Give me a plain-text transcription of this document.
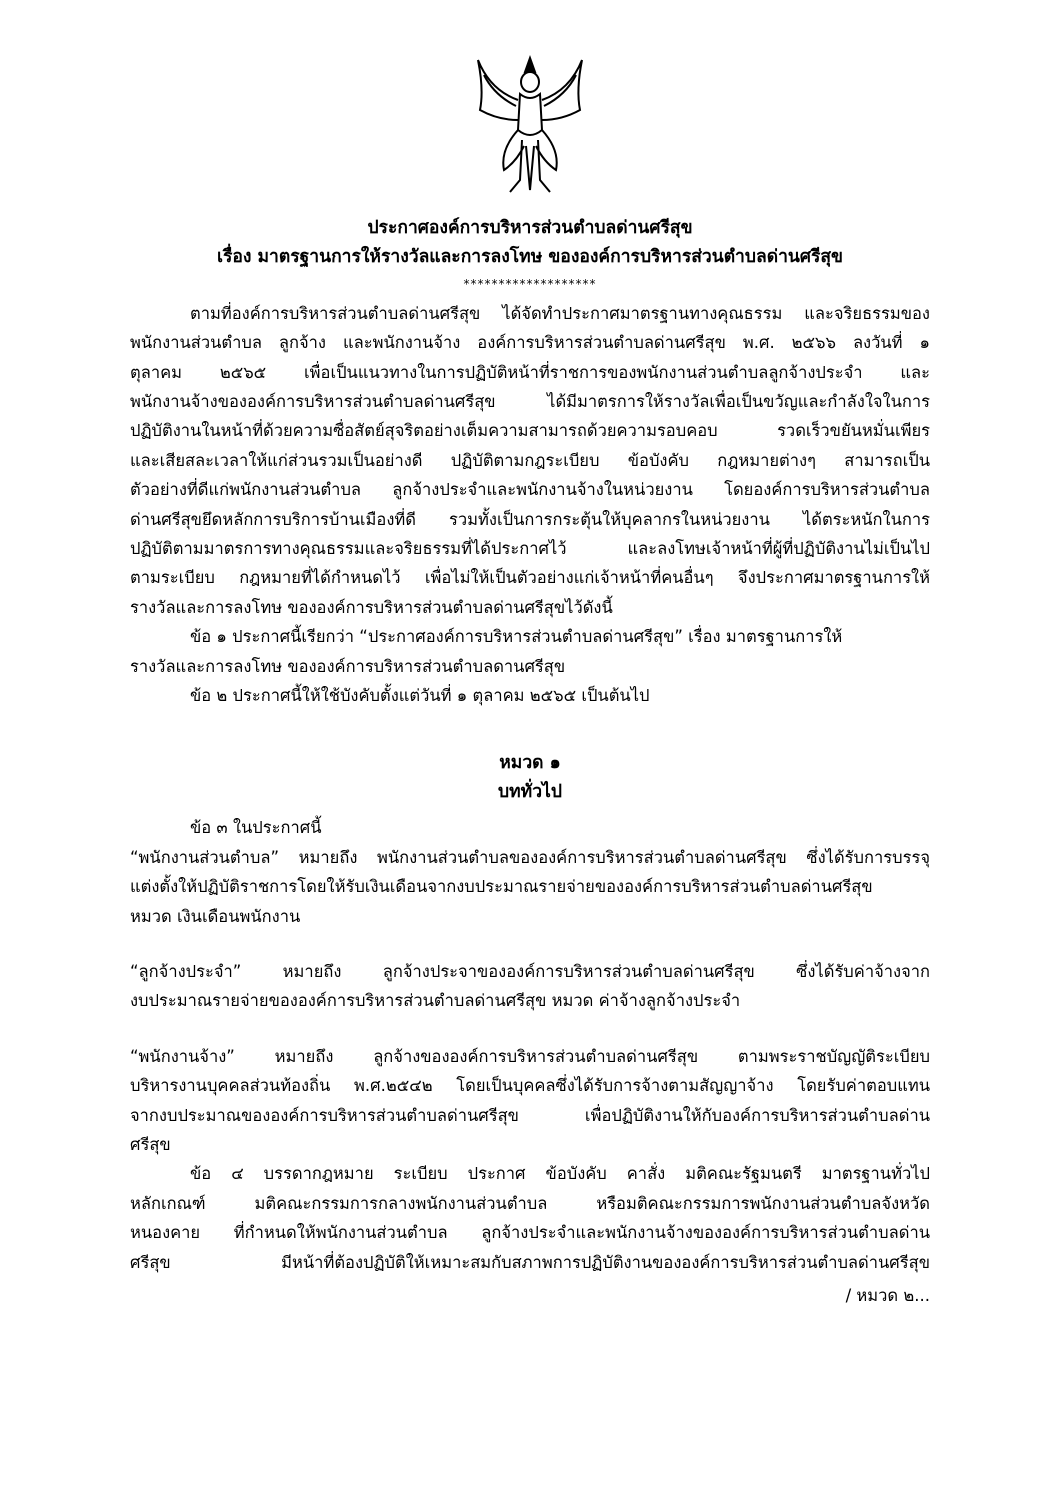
ประกาศองค์การบริหารส่วนตำบลด่านศรีสุข
เรื่อง มาตรฐานการให้รางวัลและการลงโทษ ขององค์การบริหารส่วนตำบลด่านศรีสุข
*******************
ตามที่องค์การบริหารส่วนตำบลด่านศรีสุข ได้จัดทำประกาศมาตรฐานทางคุณธรรม และจริยธรรมของ
พนักงานส่วนตำบล ลูกจ้าง และพนักงานจ้าง องค์การบริหารส่วนตำบลด่านศรีสุข พ.ศ. ๒๕๖๖ ลงวันที่ ๑
ตุลาคม ๒๕๖๕ เพื่อเป็นแนวทางในการปฏิบัติหน้าที่ราชการของพนักงานส่วนตำบลลูกจ้างประจำ และ
พนักงานจ้างขององค์การบริหารส่วนตำบลด่านศรีสุข ได้มีมาตรการให้รางวัลเพื่อเป็นขวัญและกำลังใจในการ
ปฏิบัติงานในหน้าที่ด้วยความซื่อสัตย์สุจริตอย่างเต็มความสามารถด้วยความรอบคอบ รวดเร็วขยันหมั่นเพียร
และเสียสละเวลาให้แก่ส่วนรวมเป็นอย่างดี ปฏิบัติตามกฎระเบียบ ข้อบังคับ กฎหมายต่างๆ สามารถเป็น
ตัวอย่างที่ดีแก่พนักงานส่วนตำบล ลูกจ้างประจำและพนักงานจ้างในหน่วยงาน โดยองค์การบริหารส่วนตำบล
ด่านศรีสุขยึดหลักการบริการบ้านเมืองที่ดี รวมทั้งเป็นการกระตุ้นให้บุคลากรในหน่วยงาน ได้ตระหนักในการ
ปฏิบัติตามมาตรการทางคุณธรรมและจริยธรรมที่ได้ประกาศไว้ และลงโทษเจ้าหน้าที่ผู้ที่ปฏิบัติงานไม่เป็นไป
ตามระเบียบ กฎหมายที่ได้กำหนดไว้ เพื่อไม่ให้เป็นตัวอย่างแก่เจ้าหน้าที่คนอื่นๆ จึงประกาศมาตรฐานการให้
รางวัลและการลงโทษ ขององค์การบริหารส่วนตำบลด่านศรีสุขไว้ดังนี้
ข้อ ๑ ประกาศนี้เรียกว่า “ประกาศองค์การบริหารส่วนตำบลด่านศรีสุข” เรื่อง มาตรฐานการให้
รางวัลและการลงโทษ ขององค์การบริหารส่วนตำบลดานศรีสุข
ข้อ ๒ ประกาศนี้ให้ใช้บังคับตั้งแต่วันที่ ๑ ตุลาคม ๒๕๖๕ เป็นต้นไป
หมวด ๑
บททั่วไป
ข้อ ๓ ในประกาศนี้
“พนักงานส่วนตำบล” หมายถึง พนักงานส่วนตำบลขององค์การบริหารส่วนตำบลด่านศรีสุข ซึ่งได้รับการบรรจุ
แต่งตั้งให้ปฏิบัติราชการโดยให้รับเงินเดือนจากงบประมาณรายจ่ายขององค์การบริหารส่วนตำบลด่านศรีสุข
หมวด เงินเดือนพนักงาน
“ลูกจ้างประจำ” หมายถึง ลูกจ้างประจาขององค์การบริหารส่วนตำบลด่านศรีสุข ซึ่งได้รับค่าจ้างจาก
งบประมาณรายจ่ายขององค์การบริหารส่วนตำบลด่านศรีสุข หมวด ค่าจ้างลูกจ้างประจำ
“พนักงานจ้าง” หมายถึง ลูกจ้างขององค์การบริหารส่วนตำบลด่านศรีสุข ตามพระราชบัญญัติระเบียบ
บริหารงานบุคคลส่วนท้องถิ่น พ.ศ.๒๕๔๒ โดยเป็นบุคคลซึ่งได้รับการจ้างตามสัญญาจ้าง โดยรับค่าตอบแทน
จากงบประมาณขององค์การบริหารส่วนตำบลด่านศรีสุข เพื่อปฏิบัติงานให้กับองค์การบริหารส่วนตำบลด่าน
ศรีสุข
ข้อ ๔ บรรดากฎหมาย ระเบียบ ประกาศ ข้อบังคับ คาสั่ง มติคณะรัฐมนตรี มาตรฐานทั่วไป
หลักเกณฑ์ มติคณะกรรมการกลางพนักงานส่วนตำบล หรือมติคณะกรรมการพนักงานส่วนตำบลจังหวัด
หนองคาย ที่กำหนดให้พนักงานส่วนตำบล ลูกจ้างประจำและพนักงานจ้างขององค์การบริหารส่วนตำบลด่าน
ศรีสุข มีหน้าที่ต้องปฏิบัติให้เหมาะสมกับสภาพการปฏิบัติงานขององค์การบริหารส่วนตำบลด่านศรีสุข
/ หมวด ๒...
